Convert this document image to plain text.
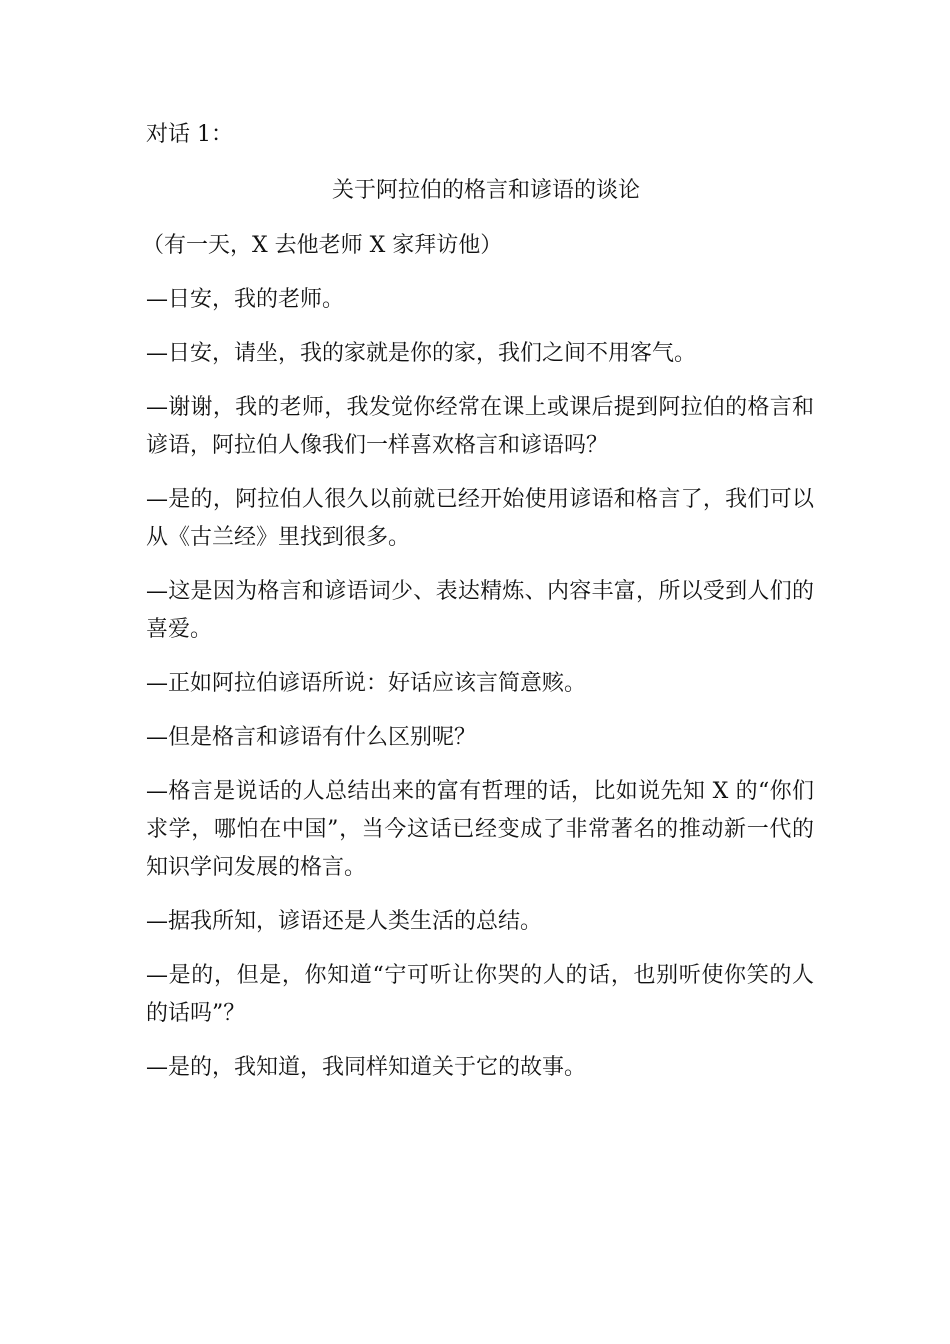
对话 1：

关于阿拉伯的格言和谚语的谈论

（有一天，X 去他老师 X 家拜访他）

—日安，我的老师。

—日安，请坐，我的家就是你的家，我们之间不用客气。

—谢谢，我的老师，我发觉你经常在课上或课后提到阿拉伯的格言和谚语，阿拉伯人像我们一样喜欢格言和谚语吗？

—是的，阿拉伯人很久以前就已经开始使用谚语和格言了，我们可以从《古兰经》里找到很多。

—这是因为格言和谚语词少、表达精炼、内容丰富，所以受到人们的喜爱。

—正如阿拉伯谚语所说：好话应该言简意赅。

—但是格言和谚语有什么区别呢？

—格言是说话的人总结出来的富有哲理的话，比如说先知 X 的“你们求学，哪怕在中国”，当今这话已经变成了非常著名的推动新一代的知识学问发展的格言。

—据我所知，谚语还是人类生活的总结。

—是的，但是，你知道“宁可听让你哭的人的话，也别听使你笑的人的话吗”？

—是的，我知道，我同样知道关于它的故事。
